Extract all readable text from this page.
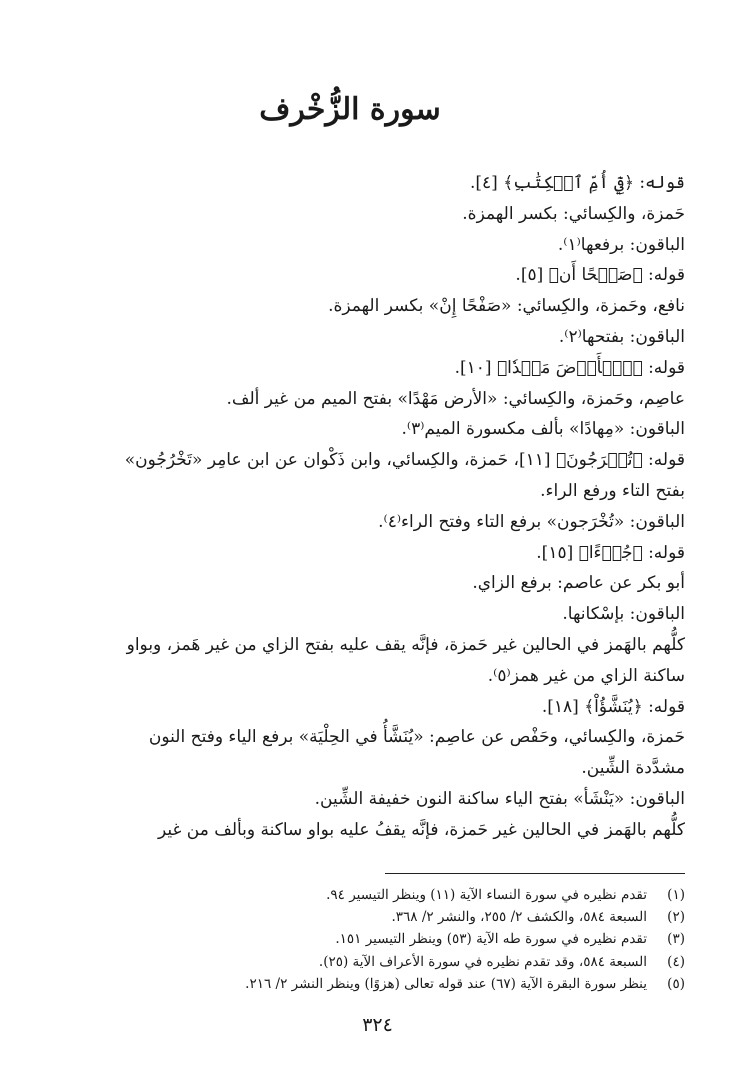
سورة الزُّخْرف

قوله: ﴿فِيٓ أُمِّ ٱلۡكِتَٰبِ﴾ [٤].

حَمزة، والكِسائي: بكسر الهمزة.

الباقون: برفعها⁽١⁾.

قوله: ﴿صَفۡحًا أَن﴾ [٥].

نافع، وحَمزة، والكِسائي: «صَفْحًا إِنْ» بكسر الهمزة.

الباقون: بفتحها⁽٢⁾.

قوله: ﴿ٱلۡأَرۡضَ مَهۡدٗا﴾ [١٠].

عاصِم، وحَمزة، والكِسائي: «الأرض مَهْدًا» بفتح الميم من غير ألف.

الباقون: «مِهادًا» بألف مكسورة الميم⁽٣⁾.

قوله: ﴿تُخۡرَجُونَ﴾ [١١]، حَمزة، والكِسائي، وابن ذَكْوان عن ابن عامِر «تَخْرُجُون»

بفتح التاء ورفع الراء.

الباقون: «تُخْرَجون» برفع التاء وفتح الراء⁽٤⁾.

قوله: ﴿جُزۡءًا﴾ [١٥].

أبو بكر عن عاصم: برفع الزاي.

الباقون: بإسْكانها.

كلُّهم بالهَمز في الحالين غير حَمزة، فإنَّه يقف عليه بفتح الزاي من غير هَمز، وبواو

ساكنة الزاي من غير همز⁽٥⁾.

قوله: ﴿يُنَشَّؤُاْ﴾ [١٨].

حَمزة، والكِسائي، وحَفْص عن عاصِم: «يُنَشَّأُ في الحِلْيَة» برفع الياء وفتح النون

مشدَّدة الشِّين.

الباقون: «يَنْشَأ» بفتح الياء ساكنة النون خفيفة الشِّين.

كلُّهم بالهَمز في الحالين غير حَمزة، فإنَّه يقفُ عليه بواو ساكنة وبألف من غير

(١)
تقدم نظيره في سورة النساء الآية (١١) وينظر التيسير ٩٤.
(٢)
السبعة ٥٨٤، والكشف ٢/ ٢٥٥، والنشر ٢/ ٣٦٨.
(٣)
تقدم نظيره في سورة طه الآية (٥٣) وينظر التيسير ١٥١.
(٤)
السبعة ٥٨٤، وقد تقدم نظيره في سورة الأعراف الآية (٢٥).
(٥)
ينظر سورة البقرة الآية (٦٧) عند قوله تعالى (هزوًا) وينظر النشر ٢/ ٢١٦.

٣٢٤
